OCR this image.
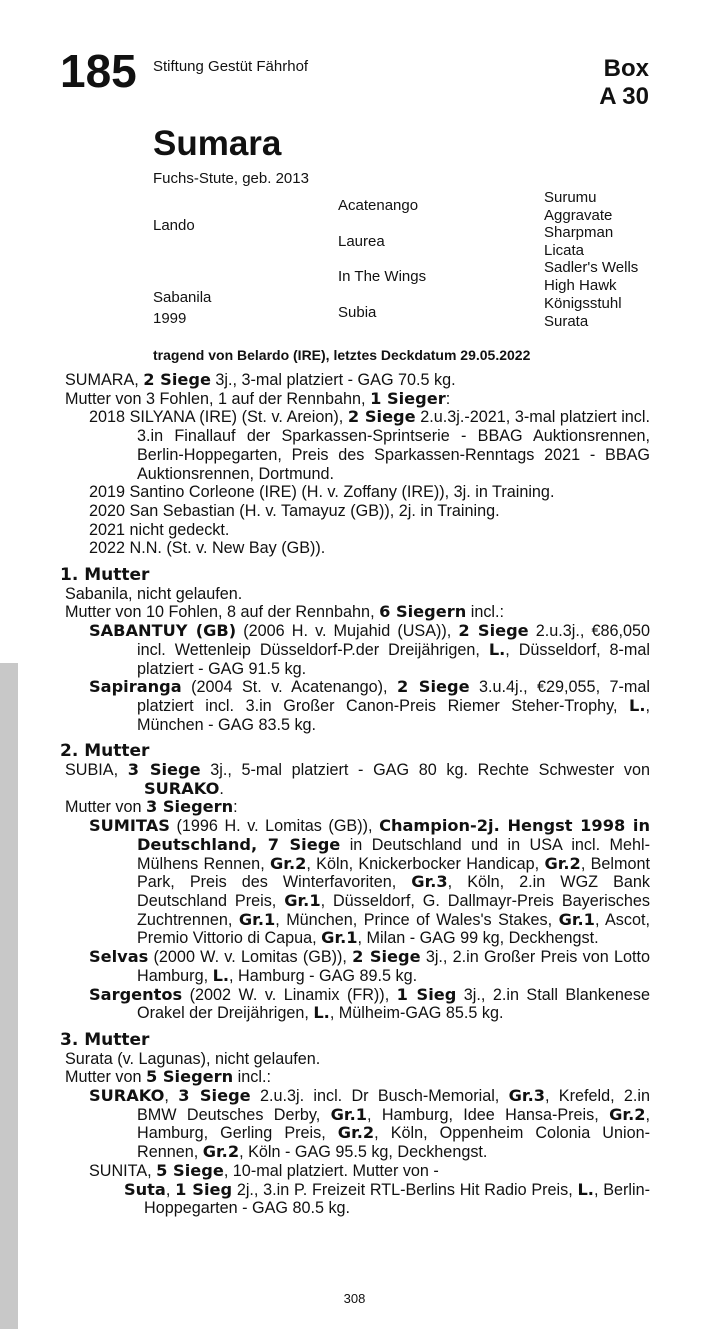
185 Stiftung Gestüt Fährhof	Box
A 30
Sumara
Fuchs-Stute, geb. 2013
Lando
Sabanila
1999
Acatenango
Laurea
In The Wings
Subia
Surumu
Aggravate
Sharpman
Licata
Sadler's Wells
High Hawk
Königsstuhl
Surata
tragend von Belardo (IRE), letztes Deckdatum 29.05.2022

SUMARA, 2 Siege 3j., 3-mal platziert - GAG 70.5 kg.

Mutter von 3 Fohlen, 1 auf der Rennbahn, 1 Sieger:

2018 SILYANA (IRE) (St. v. Areion), 2 Siege 2.u.3j.-2021, 3-mal platziert incl. 3.in Finallauf der Sparkassen-Sprintserie - BBAG Auktionsrennen, Berlin-Hoppegarten, Preis des Sparkassen-Renntags 2021 - BBAG Auktionsrennen, Dortmund.

2019 Santino Corleone (IRE) (H. v. Zoffany (IRE)), 3j. in Training.

2020 San Sebastian (H. v. Tamayuz (GB)), 2j. in Training.

2021 nicht gedeckt.

2022 N.N. (St. v. New Bay (GB)).

1. Mutter

Sabanila, nicht gelaufen.

Mutter von 10 Fohlen, 8 auf der Rennbahn, 6 Siegern incl.:

SABANTUY (GB) (2006 H. v. Mujahid (USA)), 2 Siege 2.u.3j., €86,050 incl. Wettenleip Düsseldorf-P.der Dreijährigen, L., Düsseldorf, 8-mal platziert - GAG 91.5 kg.

Sapiranga (2004 St. v. Acatenango), 2 Siege 3.u.4j., €29,055, 7-mal platziert incl. 3.in Großer Canon-Preis Riemer Steher-Trophy, L., München - GAG 83.5 kg.

2. Mutter

SUBIA, 3 Siege 3j., 5-mal platziert - GAG 80 kg. Rechte Schwester von SURAKO.

Mutter von 3 Siegern:

SUMITAS (1996 H. v. Lomitas (GB)), Champion-2j. Hengst 1998 in Deutschland, 7 Siege in Deutschland und in USA incl. Mehl-Mülhens Rennen, Gr.2, Köln, Knickerbocker Handicap, Gr.2, Belmont Park, Preis des Winterfavoriten, Gr.3, Köln, 2.in WGZ Bank Deutschland Preis, Gr.1, Düsseldorf, G. Dallmayr-Preis Bayerisches Zuchtrennen, Gr.1, München, Prince of Wales's Stakes, Gr.1, Ascot, Premio Vittorio di Capua, Gr.1, Milan - GAG 99 kg, Deckhengst.

Selvas (2000 W. v. Lomitas (GB)), 2 Siege 3j., 2.in Großer Preis von Lotto Hamburg, L., Hamburg - GAG 89.5 kg.

Sargentos (2002 W. v. Linamix (FR)), 1 Sieg 3j., 2.in Stall Blankenese Orakel der Dreijährigen, L., Mülheim-GAG 85.5 kg.

3. Mutter

Surata (v. Lagunas), nicht gelaufen.

Mutter von 5 Siegern incl.:

SURAKO, 3 Siege 2.u.3j. incl. Dr Busch-Memorial, Gr.3, Krefeld, 2.in BMW Deutsches Derby, Gr.1, Hamburg, Idee Hansa-Preis, Gr.2, Hamburg, Gerling Preis, Gr.2, Köln, Oppenheim Colonia Union-Rennen, Gr.2, Köln - GAG 95.5 kg, Deckhengst.

SUNITA, 5 Siege, 10-mal platziert. Mutter von -

Suta, 1 Sieg 2j., 3.in P. Freizeit RTL-Berlins Hit Radio Preis, L., Berlin-Hoppegarten - GAG 80.5 kg.

308
